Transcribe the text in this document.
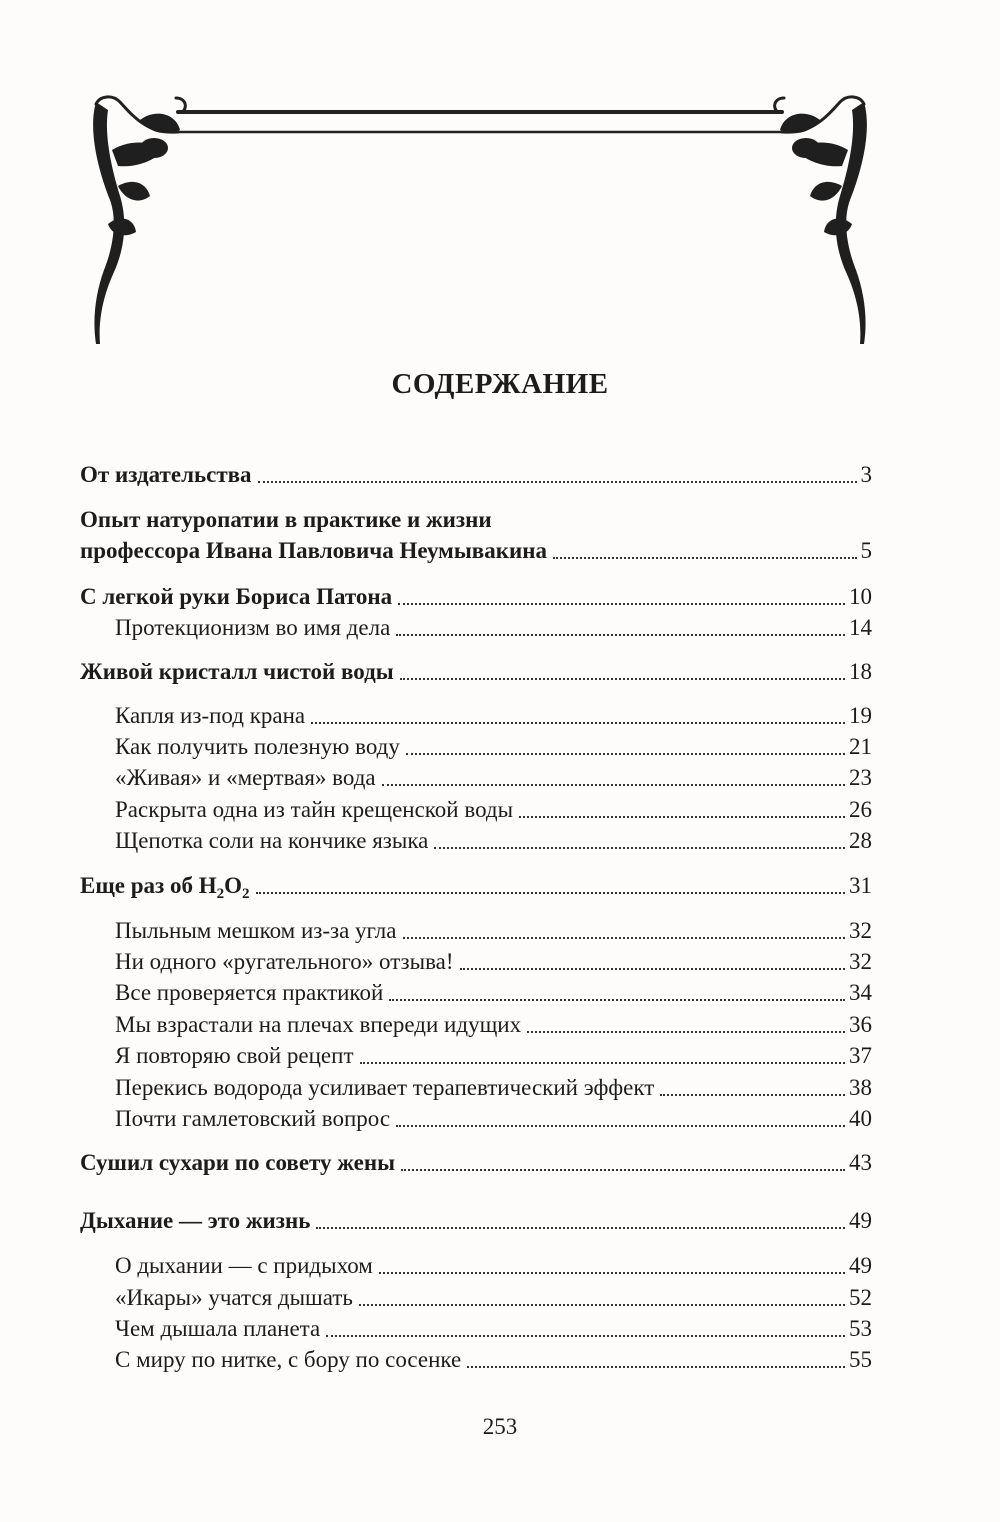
СОДЕРЖАНИЕ
От издательства	3
Опыт натуропатии в практике и жизни
профессора Ивана Павловича Неумывакина	5
С легкой руки Бориса Патона	10
Протекционизм во имя дела	14
Живой кристалл чистой воды	18
Капля из-под крана	19
Как получить полезную воду	21
«Живая» и «мертвая» вода	23
Раскрыта одна из тайн крещенской воды	26
Щепотка соли на кончике языка	28
Еще раз об $H_2O_2$	31
Пыльным мешком из-за угла	32
Ни одного «ругательного» отзыва!	32
Все проверяется практикой	34
Мы взрастали на плечах впереди идущих	36
Я повторяю свой рецепт	37
Перекись водорода усиливает терапевтический эффект	38
Почти гамлетовский вопрос	40
Сушил сухари по совету жены	43
Дыхание — это жизнь	49
О дыхании — с придыхом	49
«Икары» учатся дышать	52
Чем дышала планета	53
С миру по нитке, с бору по сосенке	55
253
